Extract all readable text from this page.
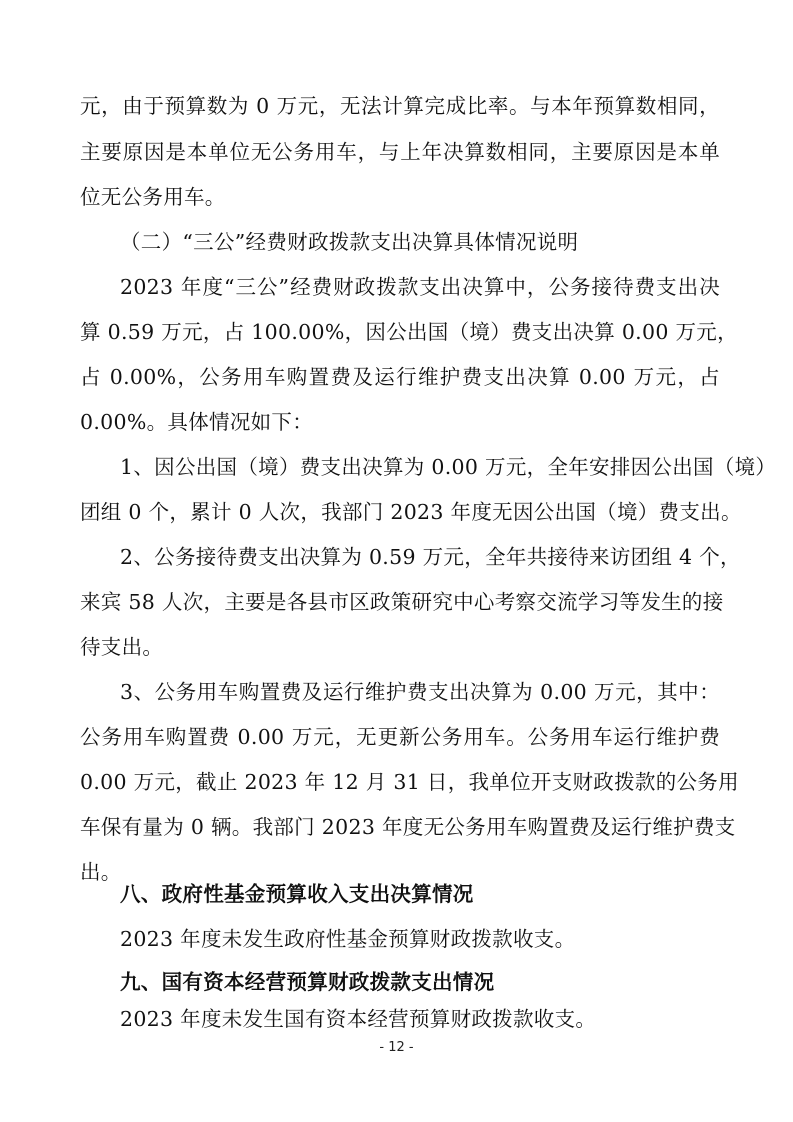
元，由于预算数为 0 万元，无法计算完成比率。与本年预算数相同，
主要原因是本单位无公务用车，与上年决算数相同，主要原因是本单
位无公务用车。
（二）“三公”经费财政拨款支出决算具体情况说明
2023 年度“三公”经费财政拨款支出决算中，公务接待费支出决
算 0.59 万元，占 100.00%，因公出国（境）费支出决算 0.00 万元，
占 0.00%，公务用车购置费及运行维护费支出决算 0.00 万元，占
0.00%。具体情况如下：
1、因公出国（境）费支出决算为 0.00 万元，全年安排因公出国（境）
团组 0 个，累计 0 人次，我部门 2023 年度无因公出国（境）费支出。
2、公务接待费支出决算为 0.59 万元，全年共接待来访团组 4 个，
来宾 58 人次，主要是各县市区政策研究中心考察交流学习等发生的接
待支出。
3、公务用车购置费及运行维护费支出决算为 0.00 万元，其中：
公务用车购置费 0.00 万元，无更新公务用车。公务用车运行维护费
0.00 万元，截止 2023 年 12 月 31 日，我单位开支财政拨款的公务用
车保有量为 0 辆。我部门 2023 年度无公务用车购置费及运行维护费支
出。
八、政府性基金预算收入支出决算情况
2023 年度未发生政府性基金预算财政拨款收支。
九、国有资本经营预算财政拨款支出情况
2023 年度未发生国有资本经营预算财政拨款收支。
- 12 -
